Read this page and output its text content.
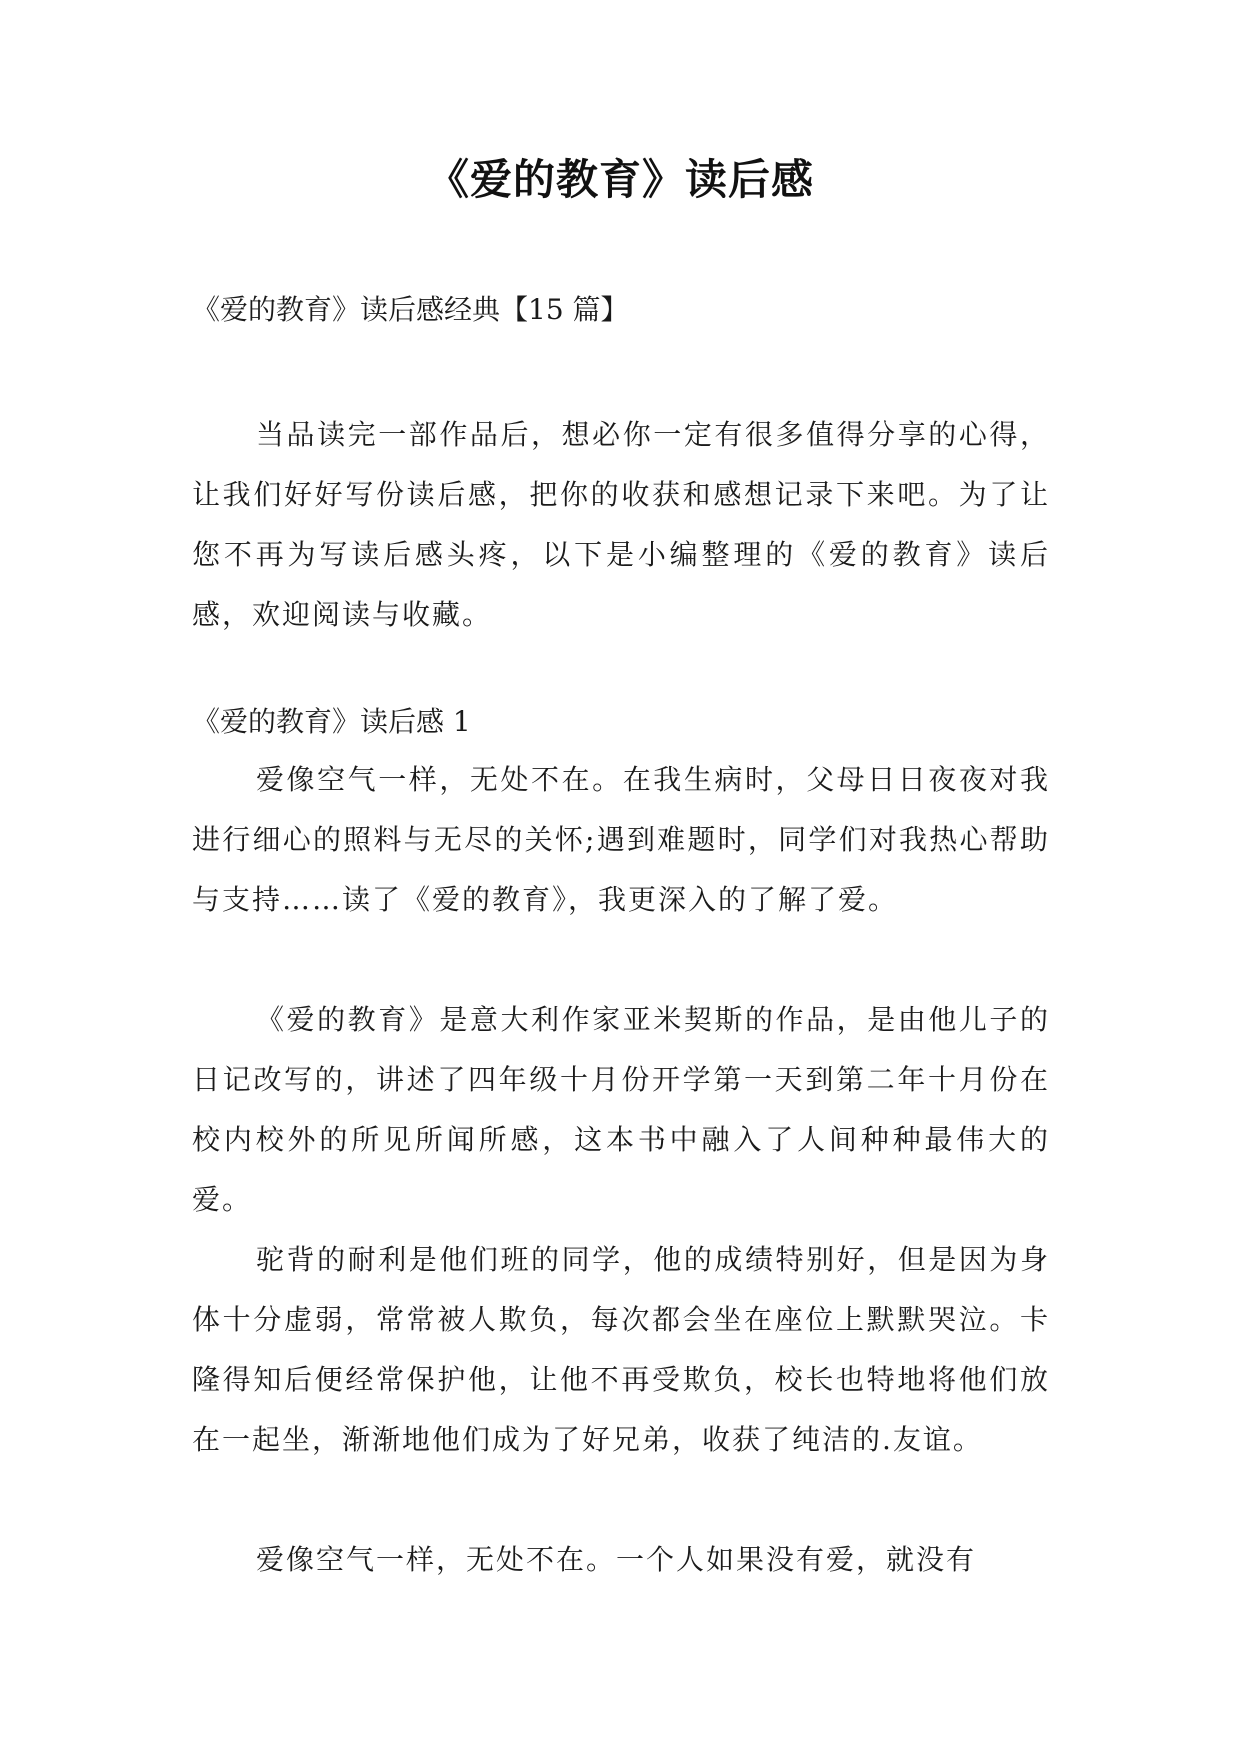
《爱的教育》读后感
《爱的教育》读后感经典【15 篇】

当品读完一部作品后，想必你一定有很多值得分享的心得，让我们好好写份读后感，把你的收获和感想记录下来吧。为了让您不再为写读后感头疼，以下是小编整理的《爱的教育》读后感，欢迎阅读与收藏。

《爱的教育》读后感 1

爱像空气一样，无处不在。在我生病时，父母日日夜夜对我进行细心的照料与无尽的关怀;遇到难题时，同学们对我热心帮助与支持……读了《爱的教育》，我更深入的了解了爱。

《爱的教育》是意大利作家亚米契斯的作品，是由他儿子的日记改写的，讲述了四年级十月份开学第一天到第二年十月份在校内校外的所见所闻所感，这本书中融入了人间种种最伟大的爱。

驼背的耐利是他们班的同学，他的成绩特别好，但是因为身体十分虚弱，常常被人欺负，每次都会坐在座位上默默哭泣。卡隆得知后便经常保护他，让他不再受欺负，校长也特地将他们放在一起坐，渐渐地他们成为了好兄弟，收获了纯洁的.友谊。

爱像空气一样，无处不在。一个人如果没有爱，就没有
